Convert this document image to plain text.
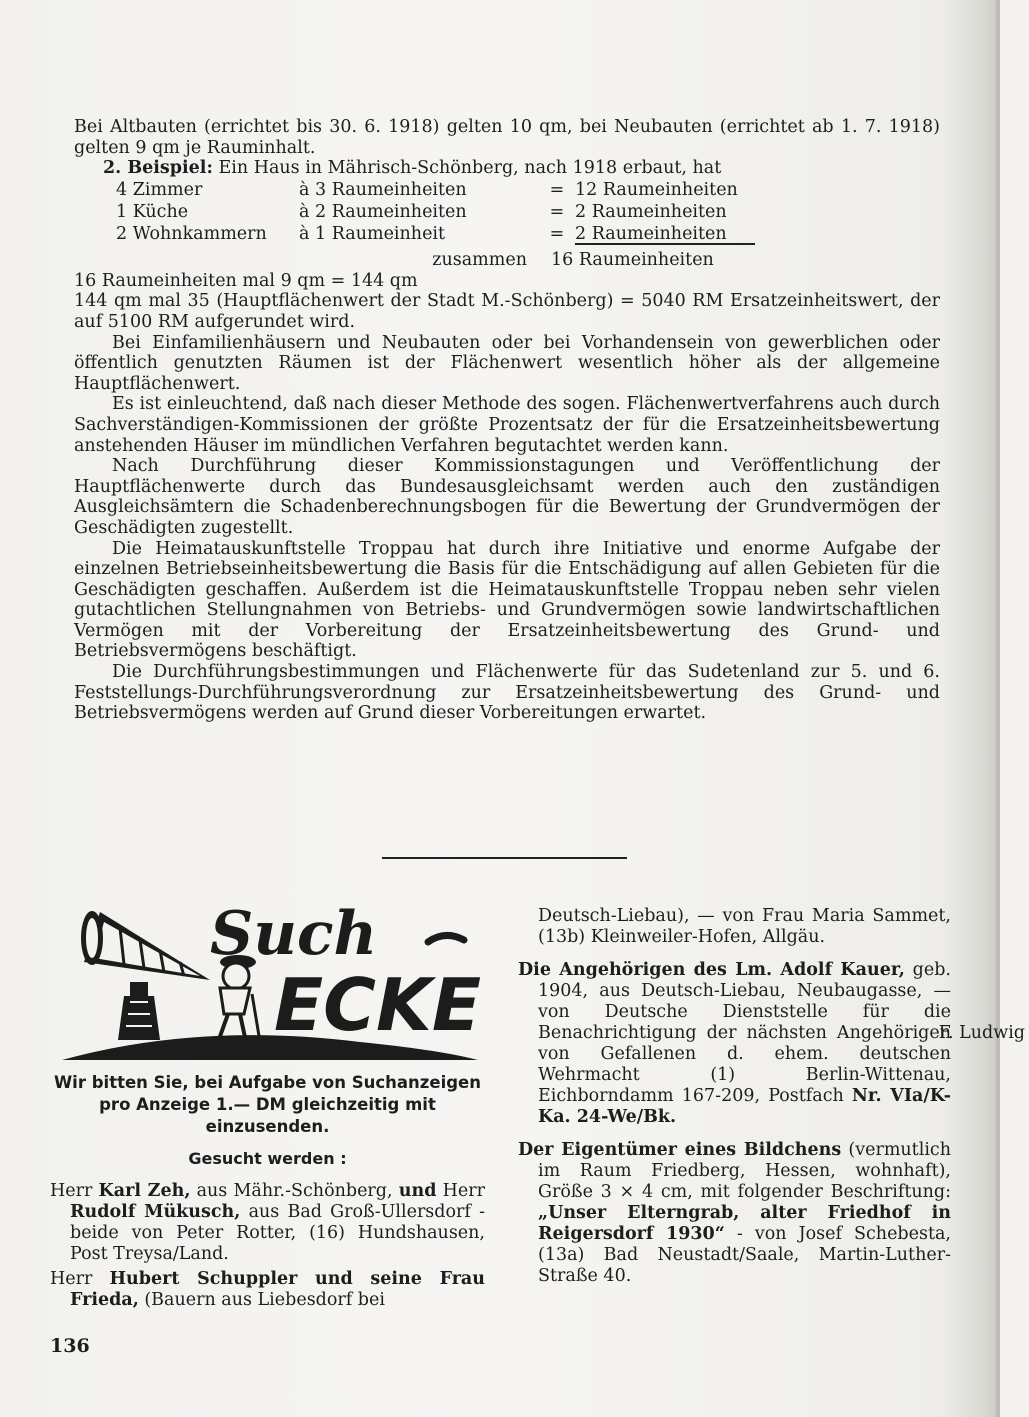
Bei Altbauten (errichtet bis 30. 6. 1918) gelten 10 qm, bei Neubauten (errichtet ab 1. 7. 1918) gelten 9 qm je Rauminhalt.

2. Beispiel: Ein Haus in Mährisch-Schönberg, nach 1918 erbaut, hat

4 Zimmer	à 3 Raumeinheiten	= 12 Raumeinheiten
1 Küche	à 2 Raumeinheiten	= 2 Raumeinheiten
2 Wohnkammern	à 1 Raumeinheit	= 2 Raumeinheiten
zusammen	16 Raumeinheiten

16 Raumeinheiten mal 9 qm = 144 qm

144 qm mal 35 (Hauptflächenwert der Stadt M.-Schönberg) = 5040 RM Ersatzeinheitswert, der auf 5100 RM aufgerundet wird.

Bei Einfamilienhäusern und Neubauten oder bei Vorhandensein von gewerblichen oder öffentlich genutzten Räumen ist der Flächenwert wesentlich höher als der allgemeine Hauptflächenwert.

Es ist einleuchtend, daß nach dieser Methode des sogen. Flächenwertverfahrens auch durch Sachverständigen-Kommissionen der größte Prozentsatz der für die Ersatzeinheitsbewertung anstehenden Häuser im mündlichen Verfahren begutachtet werden kann.

Nach Durchführung dieser Kommissionstagungen und Veröffentlichung der Hauptflächenwerte durch das Bundesausgleichsamt werden auch den zuständigen Ausgleichsämtern die Schadenberechnungsbogen für die Bewertung der Grundvermögen der Geschädigten zugestellt.

Die Heimatauskunftstelle Troppau hat durch ihre Initiative und enorme Aufgabe der einzelnen Betriebseinheitsbewertung die Basis für die Entschädigung auf allen Gebieten für die Geschädigten geschaffen. Außerdem ist die Heimatauskunftstelle Troppau neben sehr vielen gutachtlichen Stellungnahmen von Betriebs- und Grundvermögen sowie landwirtschaftlichen Vermögen mit der Vorbereitung der Ersatzeinheitsbewertung des Grund- und Betriebsvermögens beschäftigt.

Die Durchführungsbestimmungen und Flächenwerte für das Sudetenland zur 5. und 6. Feststellungs-Durchführungsverordnung zur Ersatzeinheitsbewertung des Grund- und Betriebsvermögens werden auf Grund dieser Vorbereitungen erwartet.

F. Ludwig

Such
ECKE

Wir bitten Sie, bei Aufgabe von Suchanzeigen pro Anzeige 1.— DM gleichzeitig mit einzusenden.

Gesucht werden :

Herr Karl Zeh, aus Mähr.-Schönberg, und Herr Rudolf Mükusch, aus Bad Groß-Ullersdorf - beide von Peter Rotter, (16) Hundshausen, Post Treysa/Land.

Herr Hubert Schuppler und seine Frau Frieda, (Bauern aus Liebesdorf bei

Deutsch-Liebau), — von Frau Maria Sammet, (13b) Kleinweiler-Hofen, Allgäu.

Die Angehörigen des Lm. Adolf Kauer, geb. 1904, aus Deutsch-Liebau, Neubaugasse, — von Deutsche Dienststelle für die Benachrichtigung der nächsten Angehörigen von Gefallenen d. ehem. deutschen Wehrmacht (1) Berlin-Wittenau, Eichborndamm 167-209, Postfach Nr. VIa/K-Ka. 24-We/Bk.

Der Eigentümer eines Bildchens (vermutlich im Raum Friedberg, Hessen, wohnhaft), Größe 3 × 4 cm, mit folgender Beschriftung: „Unser Elterngrab, alter Friedhof in Reigersdorf 1930“ - von Josef Schebesta, (13a) Bad Neustadt/Saale, Martin-Luther-Straße 40.

136
